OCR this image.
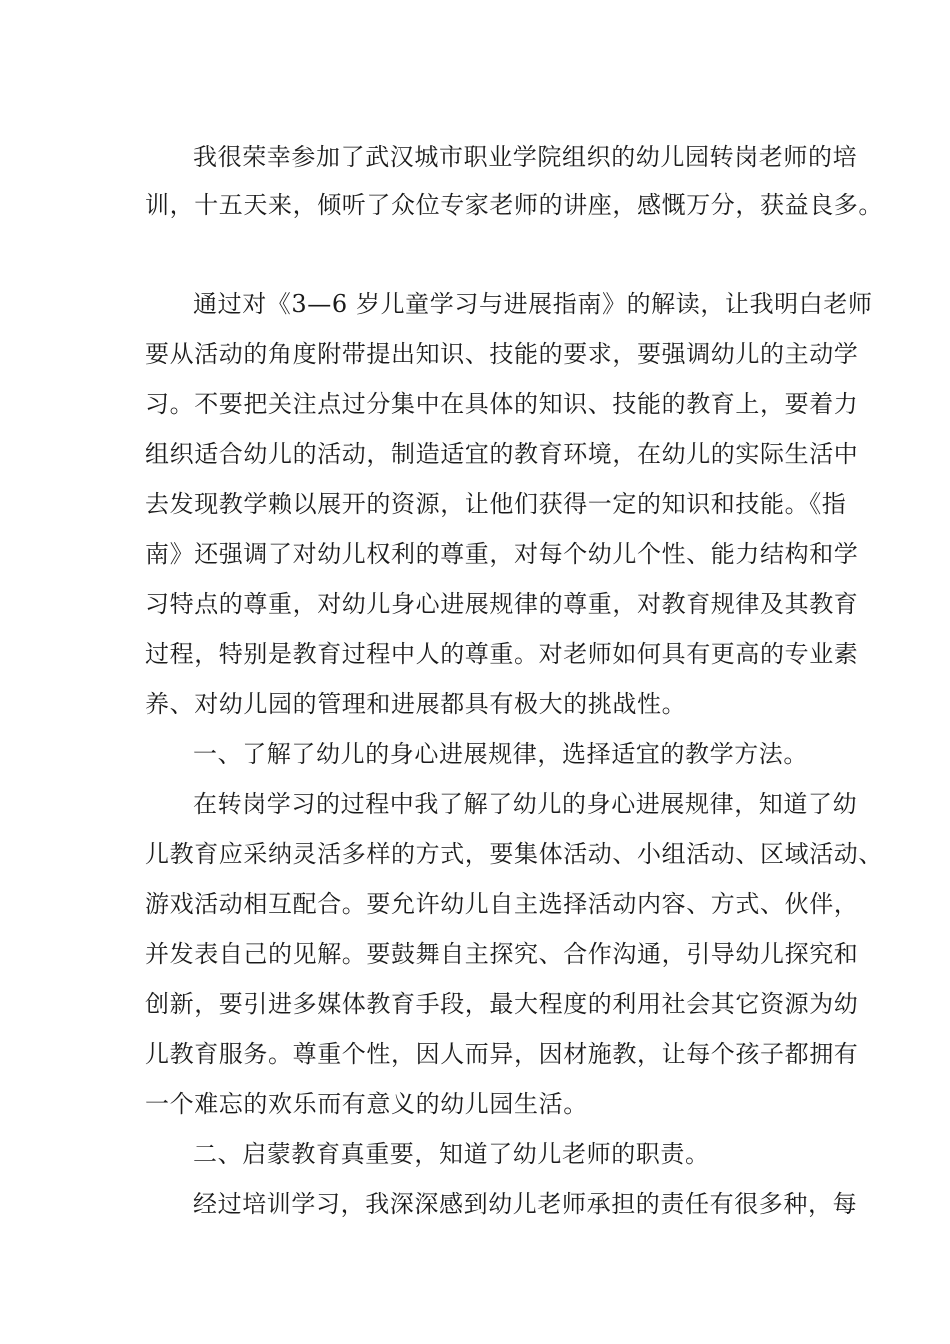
我很荣幸参加了武汉城市职业学院组织的幼儿园转岗老师的培
训，十五天来，倾听了众位专家老师的讲座，感慨万分，获益良多。
通过对《3—6 岁儿童学习与进展指南》的解读，让我明白老师
要从活动的角度附带提出知识、技能的要求，要强调幼儿的主动学
习。不要把关注点过分集中在具体的知识、技能的教育上，要着力
组织适合幼儿的活动，制造适宜的教育环境，在幼儿的实际生活中
去发现教学赖以展开的资源，让他们获得一定的知识和技能。《指
南》还强调了对幼儿权利的尊重，对每个幼儿个性、能力结构和学
习特点的尊重，对幼儿身心进展规律的尊重，对教育规律及其教育
过程，特别是教育过程中人的尊重。对老师如何具有更高的专业素
养、对幼儿园的管理和进展都具有极大的挑战性。
一、了解了幼儿的身心进展规律，选择适宜的教学方法。
在转岗学习的过程中我了解了幼儿的身心进展规律，知道了幼
儿教育应采纳灵活多样的方式，要集体活动、小组活动、区域活动、
游戏活动相互配合。要允许幼儿自主选择活动内容、方式、伙伴，
并发表自己的见解。要鼓舞自主探究、合作沟通，引导幼儿探究和
创新，要引进多媒体教育手段，最大程度的利用社会其它资源为幼
儿教育服务。尊重个性，因人而异，因材施教，让每个孩子都拥有
一个难忘的欢乐而有意义的幼儿园生活。
二、启蒙教育真重要，知道了幼儿老师的职责。
经过培训学习，我深深感到幼儿老师承担的责任有很多种，每
